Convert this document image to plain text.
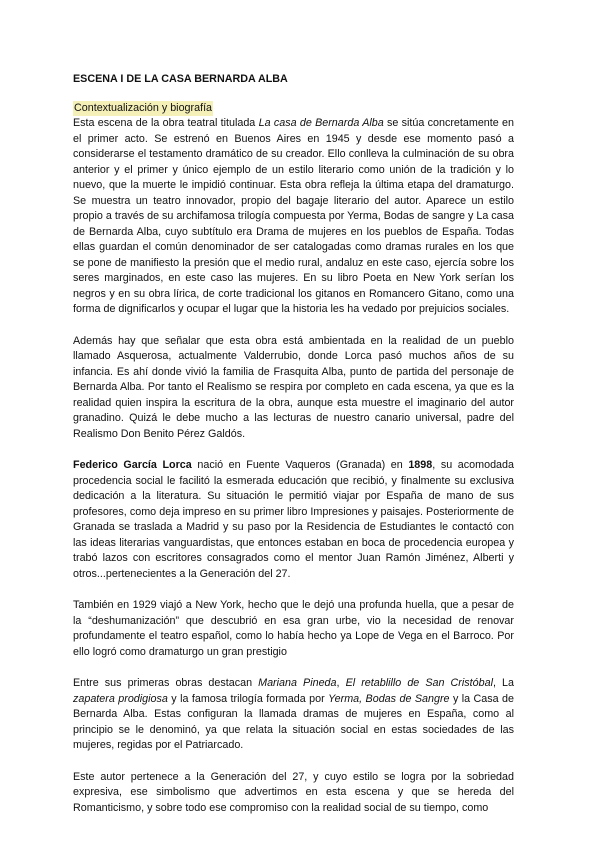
ESCENA I DE LA CASA BERNARDA ALBA
Contextualización y biografía

Esta escena de la obra teatral titulada La casa de Bernarda Alba se sitúa concretamente en el primer acto. Se estrenó en Buenos Aires en 1945 y desde ese momento pasó a considerarse el testamento dramático de su creador. Ello conlleva la culminación de su obra anterior y el primer y único ejemplo de un estilo literario como unión de la tradición y lo nuevo, que la muerte le impidió continuar. Esta obra refleja la última etapa del dramaturgo. Se muestra un teatro innovador, propio del bagaje literario del autor. Aparece un estilo propio a través de su archifamosa trilogía compuesta por Yerma, Bodas de sangre y La casa de Bernarda Alba, cuyo subtítulo era Drama de mujeres en los pueblos de España. Todas ellas guardan el común denominador de ser catalogadas como dramas rurales en los que se pone de manifiesto la presión que el medio rural, andaluz en este caso, ejercía sobre los seres marginados, en este caso las mujeres. En su libro Poeta en New York serían los negros y en su obra lírica, de corte tradicional los gitanos en Romancero Gitano, como una forma de dignificarlos y ocupar el lugar que la historia les ha vedado por prejuicios sociales.

Además hay que señalar que esta obra está ambientada en la realidad de un pueblo llamado Asquerosa, actualmente Valderrubio, donde Lorca pasó muchos años de su infancia. Es ahí donde vivió la familia de Frasquita Alba, punto de partida del personaje de Bernarda Alba. Por tanto el Realismo se respira por completo en cada escena, ya que es la realidad quien inspira la escritura de la obra, aunque esta muestre el imaginario del autor granadino. Quizá le debe mucho a las lecturas de nuestro canario universal, padre del Realismo Don Benito Pérez Galdós.

Federico García Lorca nació en Fuente Vaqueros (Granada) en 1898, su acomodada procedencia social le facilitó la esmerada educación que recibió, y finalmente su exclusiva dedicación a la literatura. Su situación le permitió viajar por España de mano de sus profesores, como deja impreso en su primer libro Impresiones y paisajes. Posteriormente de Granada se traslada a Madrid y su paso por la Residencia de Estudiantes le contactó con las ideas literarias vanguardistas, que entonces estaban en boca de procedencia europea y trabó lazos con escritores consagrados como el mentor Juan Ramón Jiménez, Alberti y otros...pertenecientes a la Generación del 27.

También en 1929 viajó a New York, hecho que le dejó una profunda huella, que a pesar de la “deshumanización” que descubrió en esa gran urbe, vio la necesidad de renovar profundamente el teatro español, como lo había hecho ya Lope de Vega en el Barroco. Por ello logró como dramaturgo un gran prestigio

Entre sus primeras obras destacan Mariana Pineda, El retablillo de San Cristóbal, La zapatera prodigiosa y la famosa trilogía formada por Yerma, Bodas de Sangre y la Casa de Bernarda Alba. Estas configuran la llamada dramas de mujeres en España, como al principio se le denominó, ya que relata la situación social en estas sociedades de las mujeres, regidas por el Patriarcado.

Este autor pertenece a la Generación del 27, y cuyo estilo se logra por la sobriedad expresiva, ese simbolismo que advertimos en esta escena y que se hereda del Romanticismo, y sobre todo ese compromiso con la realidad social de su tiempo, como
